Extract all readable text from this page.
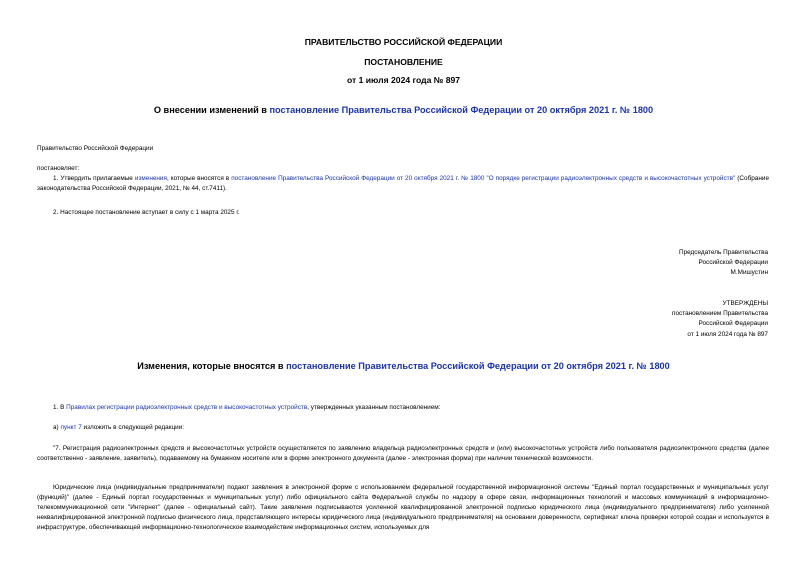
ПРАВИТЕЛЬСТВО РОССИЙСКОЙ ФЕДЕРАЦИИ
ПОСТАНОВЛЕНИЕ
от 1 июля 2024 года № 897
О внесении изменений в постановление Правительства Российской Федерации от 20 октября 2021 г. № 1800
Правительство Российской Федерации
постановляет:
1. Утвердить прилагаемые изменения, которые вносятся в постановление Правительства Российской Федерации от 20 октября 2021 г. № 1800 "О порядке регистрации радиоэлектронных средств и высокочастотных устройств" (Собрание законодательства Российской Федерации, 2021, № 44, ст.7411).
2. Настоящее постановление вступает в силу с 1 марта 2025 г.
Председатель Правительства
Российской Федерации
М.Мишустин
УТВЕРЖДЕНЫ
постановлением Правительства
Российской Федерации
от 1 июля 2024 года № 897
Изменения, которые вносятся в постановление Правительства Российской Федерации от 20 октября 2021 г. № 1800
1. В Правилах регистрации радиоэлектронных средств и высокочастотных устройств, утвержденных указанным постановлением:
а) пункт 7 изложить в следующей редакции:
"7. Регистрация радиоэлектронных средств и высокочастотных устройств осуществляется по заявлению владельца радиоэлектронных средств и (или) высокочастотных устройств либо пользователя радиоэлектронного средства (далее соответственно - заявление, заявитель), подаваемому на бумажном носителе или в форме электронного документа (далее - электронная форма) при наличии технической возможности.
Юридические лица (индивидуальные предприниматели) подают заявления в электронной форме с использованием федеральной государственной информационной системы "Единый портал государственных и муниципальных услуг (функций)" (далее - Единый портал государственных и муниципальных услуг) либо официального сайта Федеральной службы по надзору в сфере связи, информационных технологий и массовых коммуникаций в информационно-телекоммуникационной сети "Интернет" (далее - официальный сайт). Такие заявления подписываются усиленной квалифицированной электронной подписью юридического лица (индивидуального предпринимателя) либо усиленной неквалифицированной электронной подписью физического лица, представляющего интересы юридического лица (индивидуального предпринимателя) на основании доверенности, сертификат ключа проверки которой создан и используется в инфраструктуре, обеспечивающей информационно-технологическое взаимодействие информационных систем, используемых для
